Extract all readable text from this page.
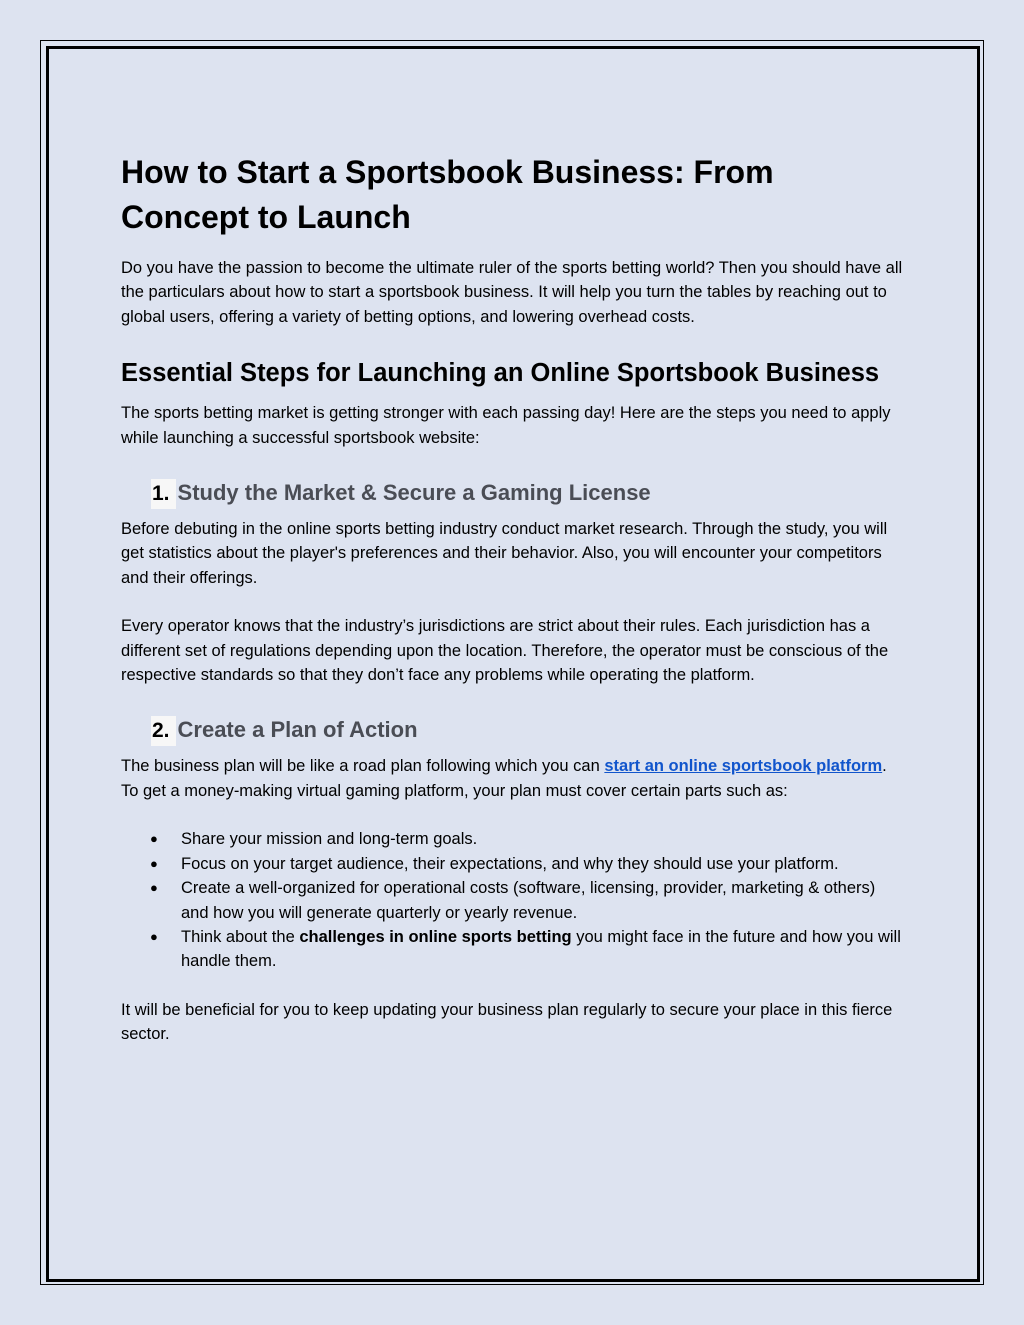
How to Start a Sportsbook Business: From Concept to Launch

Do you have the passion to become the ultimate ruler of the sports betting world? Then you should have all the particulars about how to start a sportsbook business. It will help you turn the tables by reaching out to global users, offering a variety of betting options, and lowering overhead costs.

Essential Steps for Launching an Online Sportsbook Business

The sports betting market is getting stronger with each passing day! Here are the steps you need to apply while launching a successful sportsbook website:

1. Study the Market & Secure a Gaming License

Before debuting in the online sports betting industry conduct market research. Through the study, you will get statistics about the player's preferences and their behavior. Also, you will encounter your competitors and their offerings.

Every operator knows that the industry’s jurisdictions are strict about their rules. Each jurisdiction has a different set of regulations depending upon the location. Therefore, the operator must be conscious of the respective standards so that they don’t face any problems while operating the platform.

2. Create a Plan of Action

The business plan will be like a road plan following which you can start an online sportsbook platform. To get a money-making virtual gaming platform, your plan must cover certain parts such as:

● Share your mission and long-term goals.
● Focus on your target audience, their expectations, and why they should use your platform.
● Create a well-organized for operational costs (software, licensing, provider, marketing & others) and how you will generate quarterly or yearly revenue.
● Think about the challenges in online sports betting you might face in the future and how you will handle them.

It will be beneficial for you to keep updating your business plan regularly to secure your place in this fierce sector.
